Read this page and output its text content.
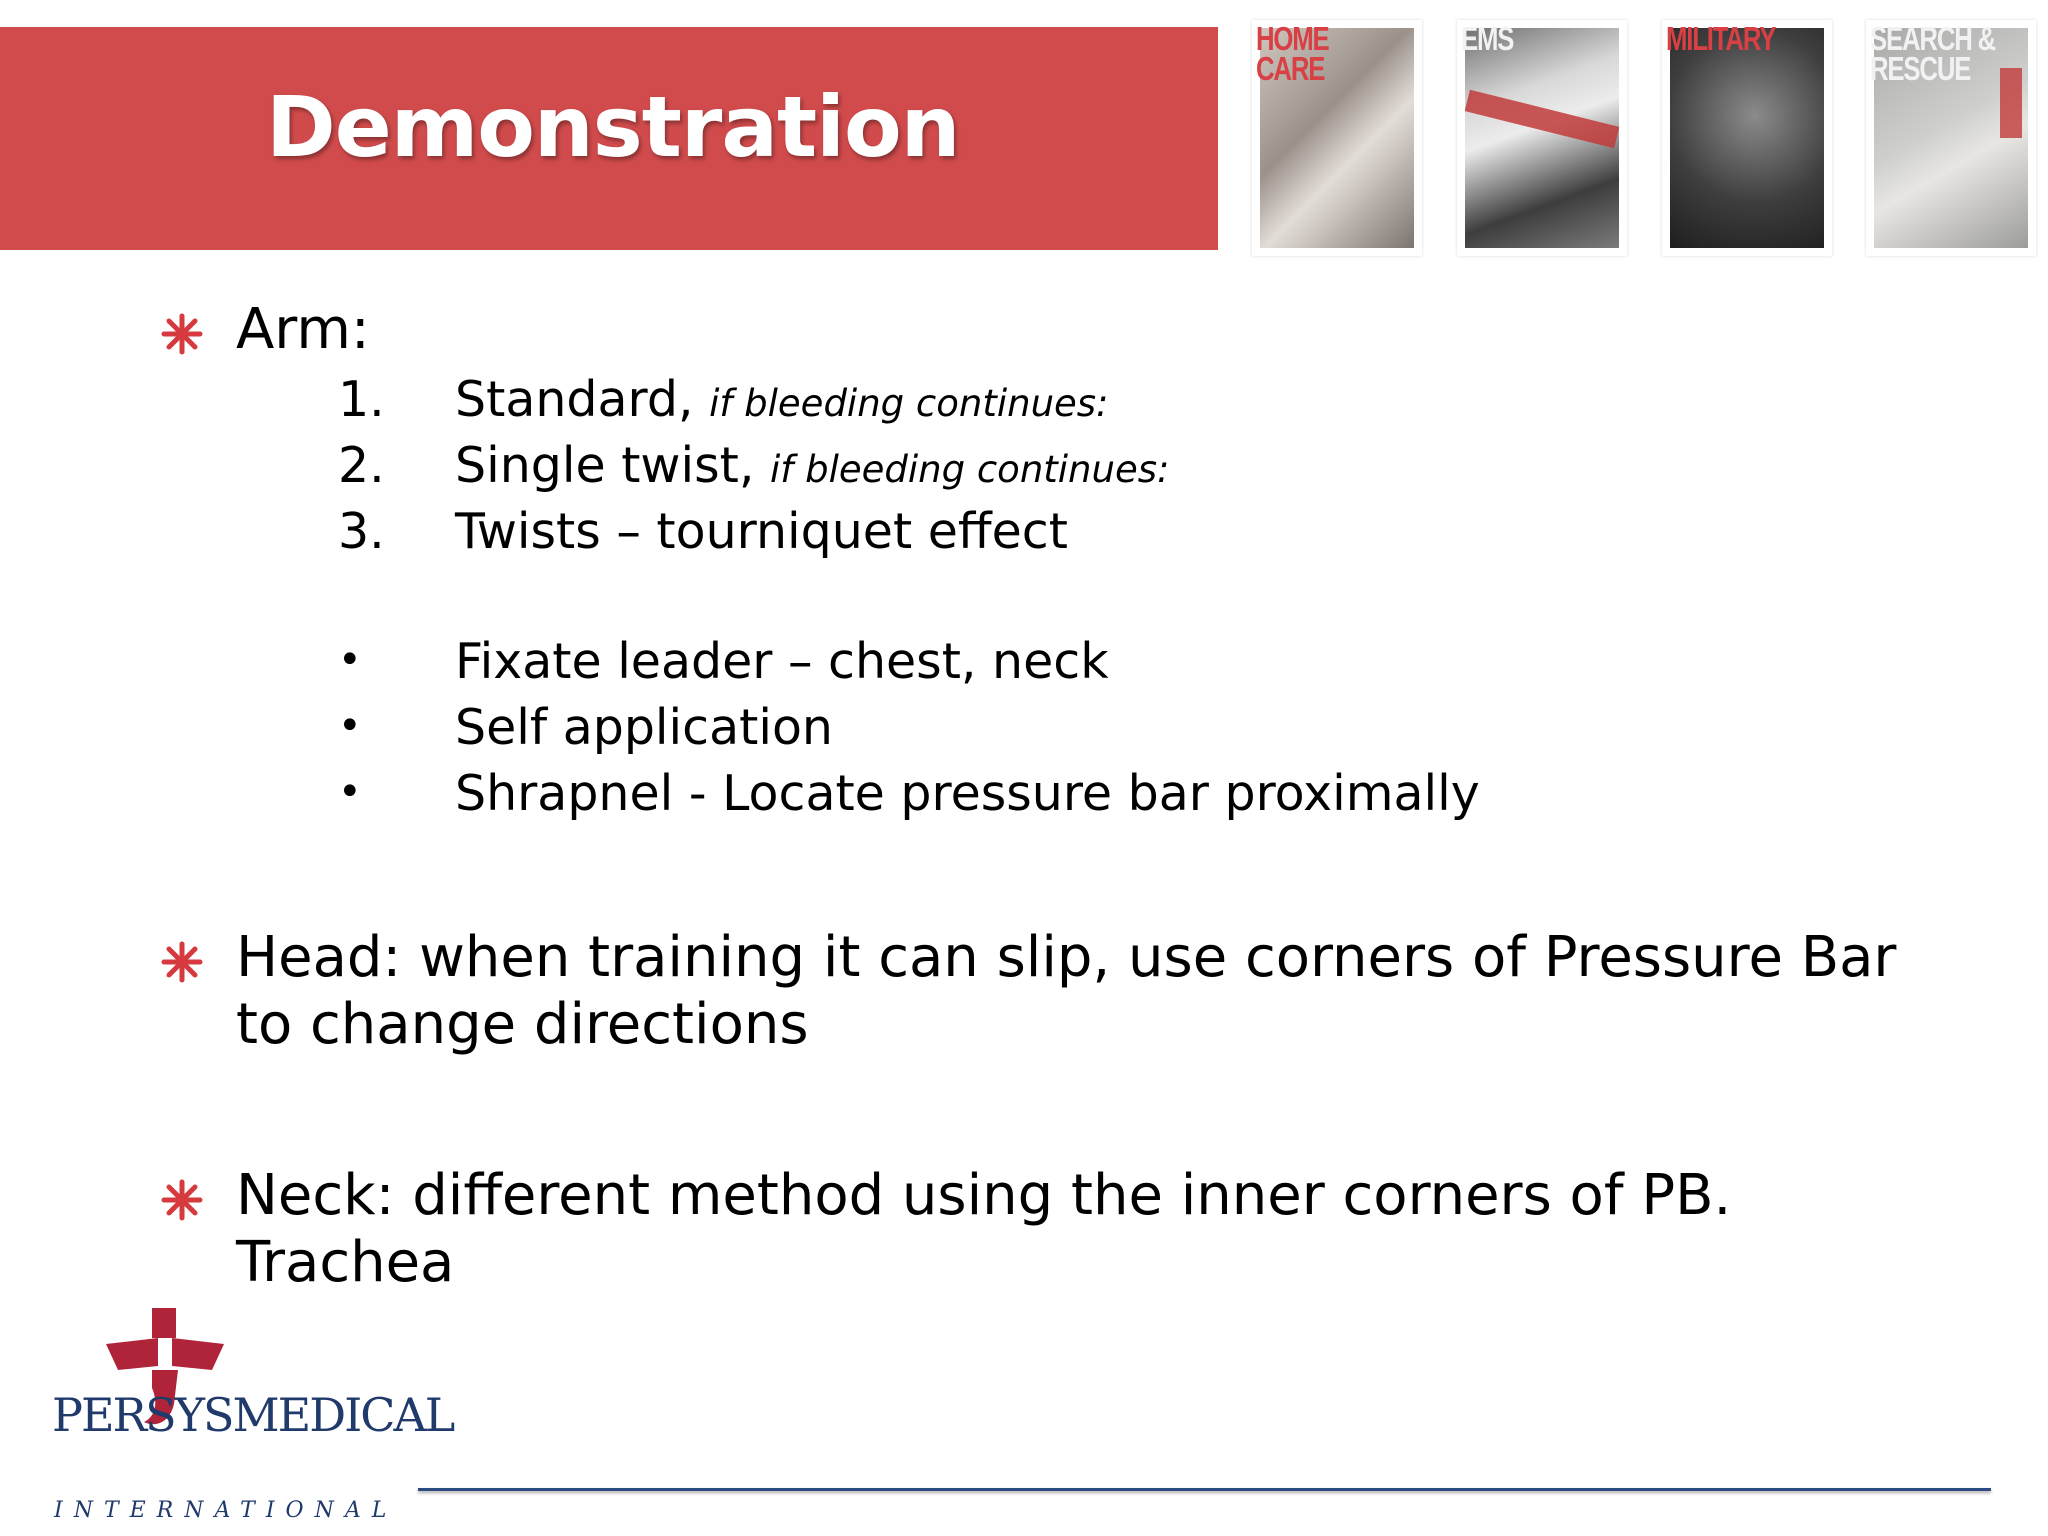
Demonstration
HOME
CARE
EMS	MILITARY	SEARCH &
RESCUE
Arm:
1. Standard, if bleeding continues:
2. Single twist, if bleeding continues:
3. Twists – tourniquet effect
• Fixate leader – chest, neck
• Self application
• Shrapnel - Locate pressure bar proximally
Head: when training it can slip, use corners of Pressure Bar
to change directions
Neck: different method using the inner corners of PB.
Trachea
PERSYSMEDICAL
INTERNATIONAL
